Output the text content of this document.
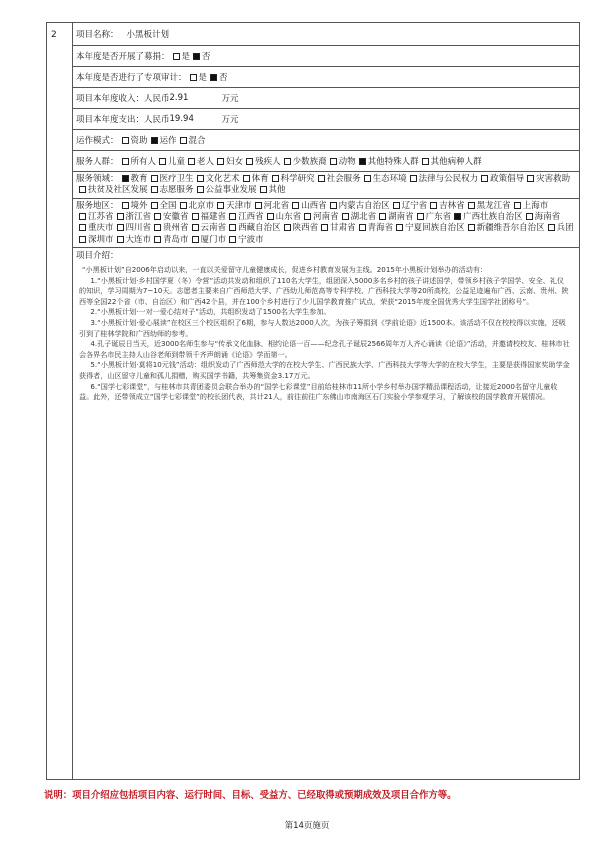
2 项目名称： 小黑板计划
本年度是否开展了募捐： 是 否
本年度是否进行了专项审计： 是 否
项目本年度收入：人民币 2.91	万元
项目本年度支出：人民币 19.94	万元
运作模式：	资助 运作 混合
服务人群：	所有人 儿童 老人 妇女 残疾人 少数族裔 动物 其他特殊人群 其他病种人群
服务领域： 教育 医疗卫生 文化艺术 体育 科学研究 社会服务 生态环境 法律与公民权力 政策倡导 灾害救助扶贫及社区发展 志愿服务 公益事业发展 其他
服务地区： 境外 全国 北京市 天津市 河北省 山西省 内蒙古自治区 辽宁省 吉林省 黑龙江省 上海市江苏省 浙江省 安徽省 福建省 江西省 山东省 河南省 湖北省 湖南省 广东省 广西壮族自治区 海南省重庆市 四川省 贵州省 云南省 西藏自治区 陕西省 甘肃省 青海省 宁夏回族自治区 新疆维吾尔自治区 兵团深圳市 大连市 青岛市 厦门市 宁波市
项目介绍：

“小黑板计划”自2006年启动以来，一直以关爱留守儿童健康成长，促进乡村教育发展为主线。2015年小黑板计划举办的活动有：

1.“小黑板计划·乡村国学夏（冬）令营”活动共发动和组织了110名大学生，组团深入5000多名乡村的孩子讲述国学，带领乡村孩子学国学、安全、礼仪的知识，学习周期为7~10天。志愿者主要来自广西师范大学、广西幼儿师范高等专科学校、广西科技大学等20所高校，公益足迹遍布广西、云南、贵州、陕西等全国22个省（市、自治区）和广西42个县，并在100个乡村进行了少儿国学教育推广试点，荣获“2015年度全国优秀大学生国学社团称号”。

2.“小黑板计划·一对一爱心结对子”活动，共组织发动了1500名大学生参加。

3.“小黑板计划·爱心展读”在校区三个校区组织了6期，参与人数达2000人次，为孩子筹捐到《学前论语》近1500本。该活动不仅在校校得以实施，还吸引到了桂林学院和广西幼师的参考。

4.孔子诞辰日当天，近3000名师生参与“传承文化血脉，相约论语一百——纪念孔子诞辰2566周年万人齐心诵读《论语》”活动，并邀请校校友、桂林市社会各界名市民主持人山谷老师到带领千齐声朗诵《论语》学而第一。

5.“小黑板计划·莫将10元钱”活动：组织发动了广西师范大学的在校大学生、广西民族大学、广西科技大学等大学的在校大学生，主要是获得国家奖助学金获得者，山区留守儿童和孤儿捐赠，购买国学书籍，共筹集资金3.17万元。

6.“国学七彩课堂”，与桂林市共青团委员会联合举办的“国学七彩课堂”目前给桂林市11所小学乡村举办国学精品课程活动，让接近2000名留守儿童收益。此外，还带领成立“国学七彩课堂”的校长团代表，共计21人，前往前往广东佛山市南海区石门实验小学参观学习，了解该校的国学教育开展情况。

说明：项目介绍应包括项目内容、运行时间、目标、受益方、已经取得或预期成效及项目合作方等。
第14页施页
